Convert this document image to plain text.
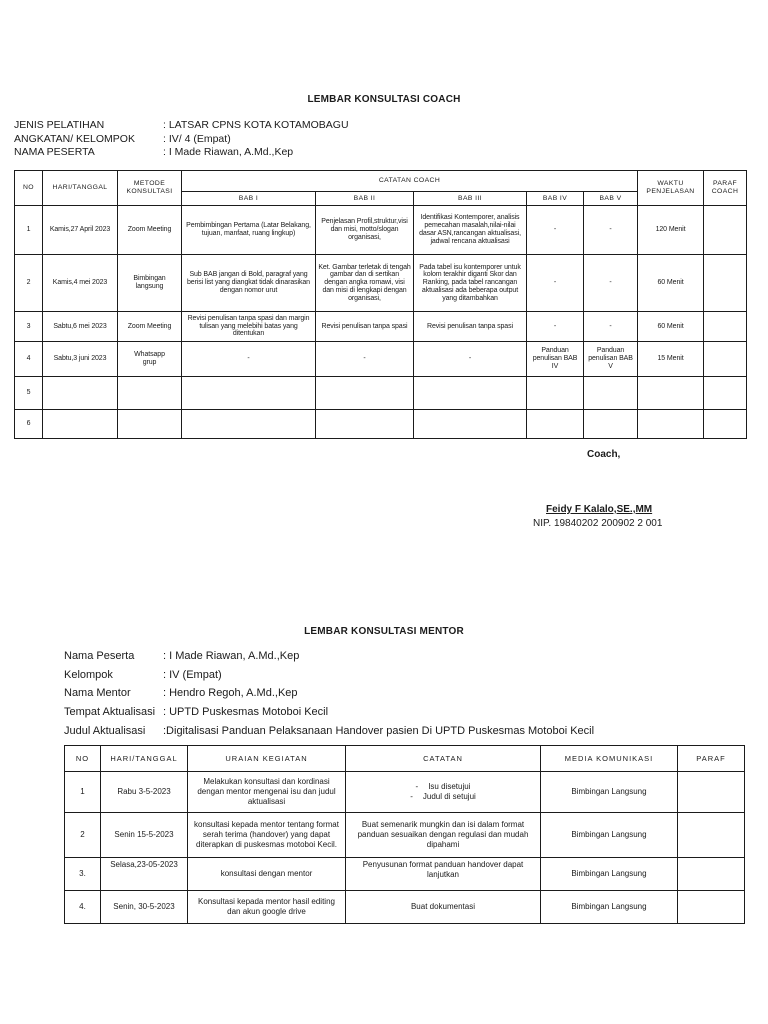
LEMBAR KONSULTASI COACH
JENIS PELATIHAN	: LATSAR CPNS KOTA KOTAMOBAGU
ANGKATAN/ KELOMPOK	: IV/ 4 (Empat)
NAMA PESERTA	: I Made Riawan, A.Md.,Kep
NO	HARI/TANGGAL	METODE KONSULTASI	CATATAN COACH					WAKTU PENJELASAN	PARAF COACH
			BAB I	BAB II	BAB III	BAB IV	BAB V		
1	Kamis,27 April 2023	Zoom Meeting	Pembimbingan Pertama (Latar Belakang, tujuan, manfaat, ruang lingkup)	Penjelasan Profil,struktur,visi dan misi, motto/slogan organisasi,	Identifikasi Kontemporer, analisis pemecahan masalah,nilai-nilai dasar ASN,rancangan aktualisasi, jadwal rencana aktualisasi	-	-	120 Menit	
2	Kamis,4 mei 2023	Bimbingan langsung	Sub BAB jangan di Bold, paragraf yang berisi list yang diangkat tidak dinarasikan dengan nomor urut	Ket. Gambar terletak di tengah gambar dan di sertikan dengan angka romawi, visi dan misi di lengkapi dengan organisasi,	Pada tabel isu kontemporer untuk kolom terakhir diganti Skor dan Ranking, pada tabel rancangan aktualisasi ada beberapa output yang ditambahkan	-	-	60 Menit	
3	Sabtu,6 mei 2023	Zoom Meeting	Revisi penulisan tanpa spasi dan margin tulisan yang melebihi batas yang ditentukan	Revisi penulisan tanpa spasi	Revisi penulisan tanpa spasi	-	-	60 Menit	
4	Sabtu,3 juni 2023	Whatsapp grup	-	-	-	Panduan penulisan BAB IV	Panduan penulisan BAB V	15 Menit	
5									
6									
Coach,
Feidy F Kalalo,SE.,MM
NIP. 19840202 200902 2 001
LEMBAR KONSULTASI MENTOR
Nama Peserta	: I Made Riawan, A.Md.,Kep
Kelompok	: IV (Empat)
Nama Mentor	: Hendro Regoh, A.Md.,Kep
Tempat Aktualisasi : UPTD Puskesmas Motoboi Kecil
Judul Aktualisasi :Digitalisasi Panduan Pelaksanaan Handover pasien Di UPTD Puskesmas Motoboi Kecil
NO	HARI/TANGGAL	URAIAN KEGIATAN	CATATAN	MEDIA KOMUNIKASI	PARAF
1	Rabu 3-5-2023	Melakukan konsultasi dan kordinasi dengan mentor mengenai isu dan judul aktualisasi	- Isu disetujui
- Judul di setujui	Bimbingan Langsung	
2	Senin 15-5-2023	konsultasi kepada mentor tentang format serah terima (handover) yang dapat diterapkan di puskesmas motoboi Kecil.	Buat semenarik mungkin dan isi dalam format panduan sesuaikan dengan regulasi dan mudah dipahami	Bimbingan Langsung	
3.	Selasa,23-05-2023	konsultasi dengan mentor	Penyusunan format panduan handover dapat lanjutkan	Bimbingan Langsung	
4.	Senin, 30-5-2023	Konsultasi kepada mentor hasil editing dan akun google drive	Buat dokumentasi	Bimbingan Langsung	
